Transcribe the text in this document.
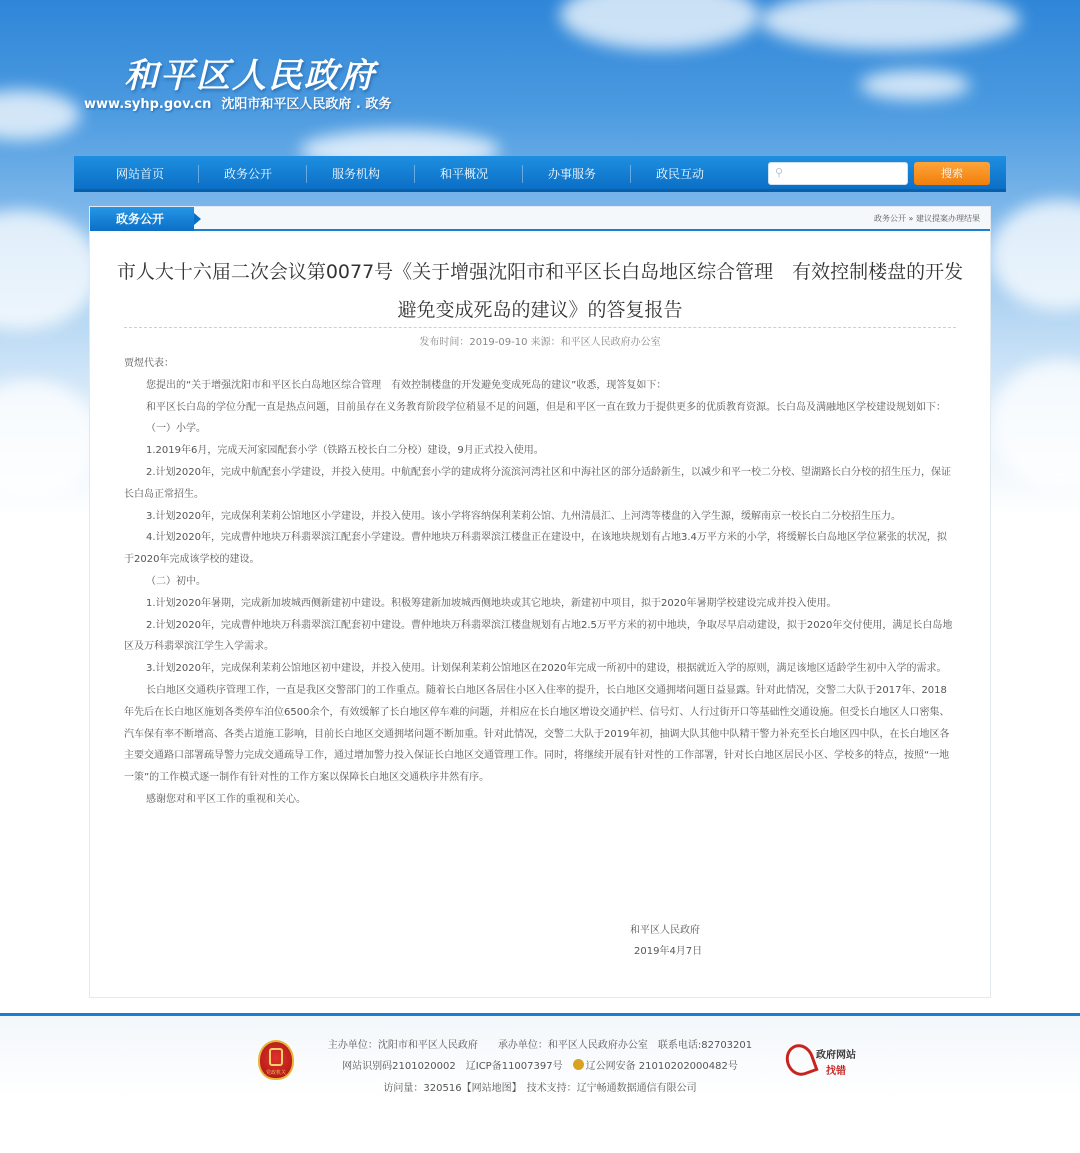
和平区人民政府
www.syhp.gov.cn 沈阳市和平区人民政府 . 政务
网站首页	政务公开	服务机构	和平概况	办事服务	政民互动	⚲	搜索
政务公开	政务公开 » 建议提案办理结果
市人大十六届二次会议第0077号《关于增强沈阳市和平区长白岛地区综合管理　有效控制楼盘的开发
避免变成死岛的建议》的答复报告
发布时间：2019-09-10 来源：和平区人民政府办公室

贾煜代表：

您提出的“关于增强沈阳市和平区长白岛地区综合管理　有效控制楼盘的开发避免变成死岛的建议”收悉，现答复如下：

和平区长白岛的学位分配一直是热点问题，目前虽存在义务教育阶段学位稍显不足的问题，但是和平区一直在致力于提供更多的优质教育资源。长白岛及满融地区学校建设规划如下：

（一）小学。

1.2019年6月，完成天河家园配套小学（铁路五校长白二分校）建设，9月正式投入使用。

2.计划2020年，完成中航配套小学建设，并投入使用。中航配套小学的建成将分流滨河湾社区和中海社区的部分适龄新生，以减少和平一校二分校、望湖路长白分校的招生压力，保证长白岛正常招生。

3.计划2020年，完成保利茉莉公馆地区小学建设，并投入使用。该小学将容纳保利茉莉公馆、九州清晨汇、上河湾等楼盘的入学生源，缓解南京一校长白二分校招生压力。

4.计划2020年，完成曹仲地块万科翡翠滨江配套小学建设。曹仲地块万科翡翠滨江楼盘正在建设中，在该地块规划有占地3.4万平方米的小学，将缓解长白岛地区学位紧张的状况，拟于2020年完成该学校的建设。

（二）初中。

1.计划2020年暑期，完成新加坡城西侧新建初中建设。积极筹建新加坡城西侧地块或其它地块，新建初中项目，拟于2020年暑期学校建设完成并投入使用。

2.计划2020年，完成曹仲地块万科翡翠滨江配套初中建设。曹仲地块万科翡翠滨江楼盘规划有占地2.5万平方米的初中地块，争取尽早启动建设，拟于2020年交付使用，满足长白岛地区及万科翡翠滨江学生入学需求。

3.计划2020年，完成保利茉莉公馆地区初中建设，并投入使用。计划保利茉莉公馆地区在2020年完成一所初中的建设，根据就近入学的原则，满足该地区适龄学生初中入学的需求。

长白地区交通秩序管理工作，一直是我区交警部门的工作重点。随着长白地区各居住小区入住率的提升，长白地区交通拥堵问题日益显露。针对此情况，交警二大队于2017年、2018年先后在长白地区施划各类停车泊位6500余个，有效缓解了长白地区停车难的问题，并相应在长白地区增设交通护栏、信号灯、人行过街开口等基础性交通设施。但受长白地区人口密集、汽车保有率不断增高、各类占道施工影响，目前长白地区交通拥堵问题不断加重。针对此情况，交警二大队于2019年初，抽调大队其他中队精干警力补充至长白地区四中队，在长白地区各主要交通路口部署疏导警力完成交通疏导工作，通过增加警力投入保证长白地区交通管理工作。同时，将继续开展有针对性的工作部署，针对长白地区居民小区、学校多的特点，按照“一地一策”的工作模式逐一制作有针对性的工作方案以保障长白地区交通秩序井然有序。

感谢您对和平区工作的重视和关心。

和平区人民政府
2019年4月7日
党政机关
主办单位：沈阳市和平区人民政府　　承办单位：和平区人民政府办公室　联系电话:82703201
网站识别码2101020002　辽ICP备11007397号　辽公网安备 21010202000482号
访问量：320516【网站地图】　技术支持：辽宁畅通数据通信有限公司
政府网站
找错
